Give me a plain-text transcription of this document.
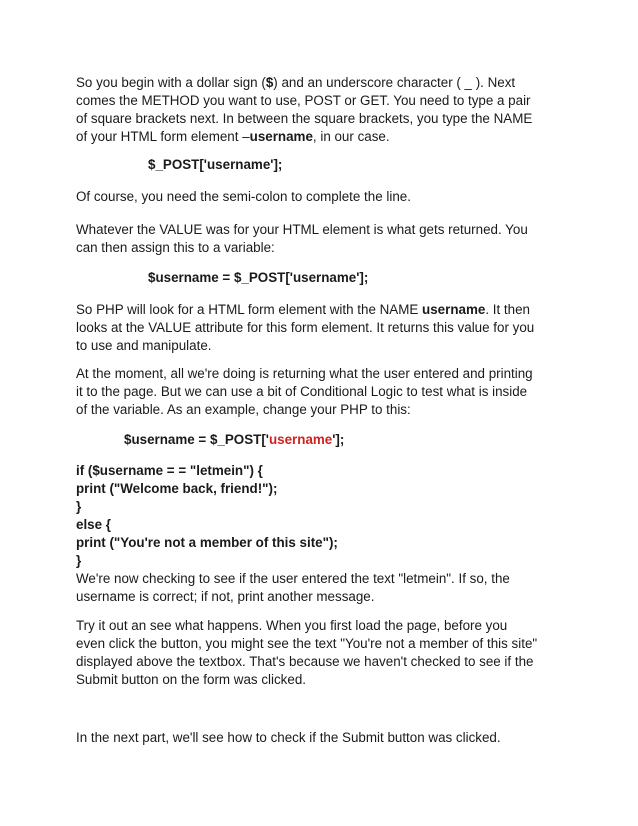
So you begin with a dollar sign ($) and an underscore character ( _ ). Next
comes the METHOD you want to use, POST or GET. You need to type a pair
of square brackets next. In between the square brackets, you type the NAME
of your HTML form element –username, in our case.
$_POST['username'];
Of course, you need the semi-colon to complete the line.
Whatever the VALUE was for your HTML element is what gets returned. You
can then assign this to a variable:
$username = $_POST['username'];
So PHP will look for a HTML form element with the NAME username. It then
looks at the VALUE attribute for this form element. It returns this value for you
to use and manipulate.
At the moment, all we're doing is returning what the user entered and printing
it to the page. But we can use a bit of Conditional Logic to test what is inside
of the variable. As an example, change your PHP to this:
$username = $_POST['username'];
if ($username = = "letmein") {
print ("Welcome back, friend!");
}
else {
print ("You're not a member of this site");
}
We're now checking to see if the user entered the text "letmein". If so, the
username is correct; if not, print another message.
Try it out an see what happens. When you first load the page, before you
even click the button, you might see the text "You're not a member of this site"
displayed above the textbox. That's because we haven't checked to see if the
Submit button on the form was clicked.
In the next part, we'll see how to check if the Submit button was clicked.
